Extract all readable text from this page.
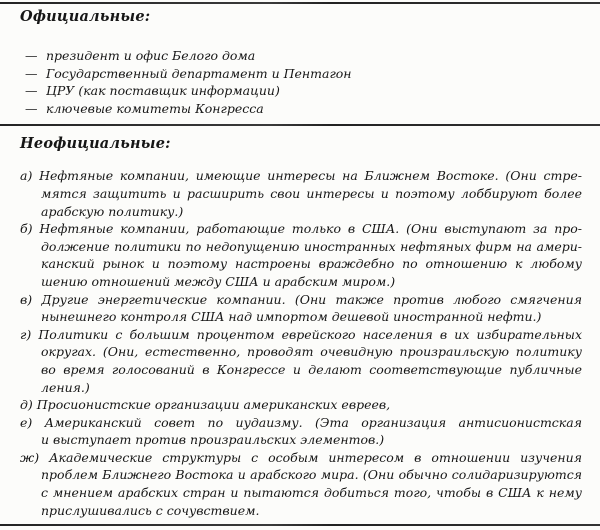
Официальные:
— президент и офис Белого дома
— Государственный департамент и Пентагон
— ЦРУ (как поставщик информации)
— ключевые комитеты Конгресса
Неофициальные:
а) Нефтяные компании, имеющие интересы на Ближнем Востоке. (Они стре-
мятся защитить и расширить свои интересы и поэтому лоббируют более
арабскую политику.)
б) Нефтяные компании, работающие только в США. (Они выступают за про-
должение политики по недопущению иностранных нефтяных фирм на амери-
канский рынок и поэтому настроены враждебно по отношению к любому
шению отношений между США и арабским миром.)
в) Другие энергетические компании. (Они также против любого смягчения
нынешнего контроля США над импортом дешевой иностранной нефти.)
г) Политики с большим процентом еврейского населения в их избирательных
округах. (Они, естественно, проводят очевидную произраильскую политику
во время голосований в Конгрессе и делают соответствующие публичные
ления.)
д) Просионистские организации американских евреев,
е) Американский совет по иудаизму. (Эта организация антисионистская
и выступает против произраильских элементов.)
ж) Академические структуры с особым интересом в отношении изучения
проблем Ближнего Востока и арабского мира. (Они обычно солидаризируются
с мнением арабских стран и пытаются добиться того, чтобы в США к нему
прислушивались с сочувствием.
